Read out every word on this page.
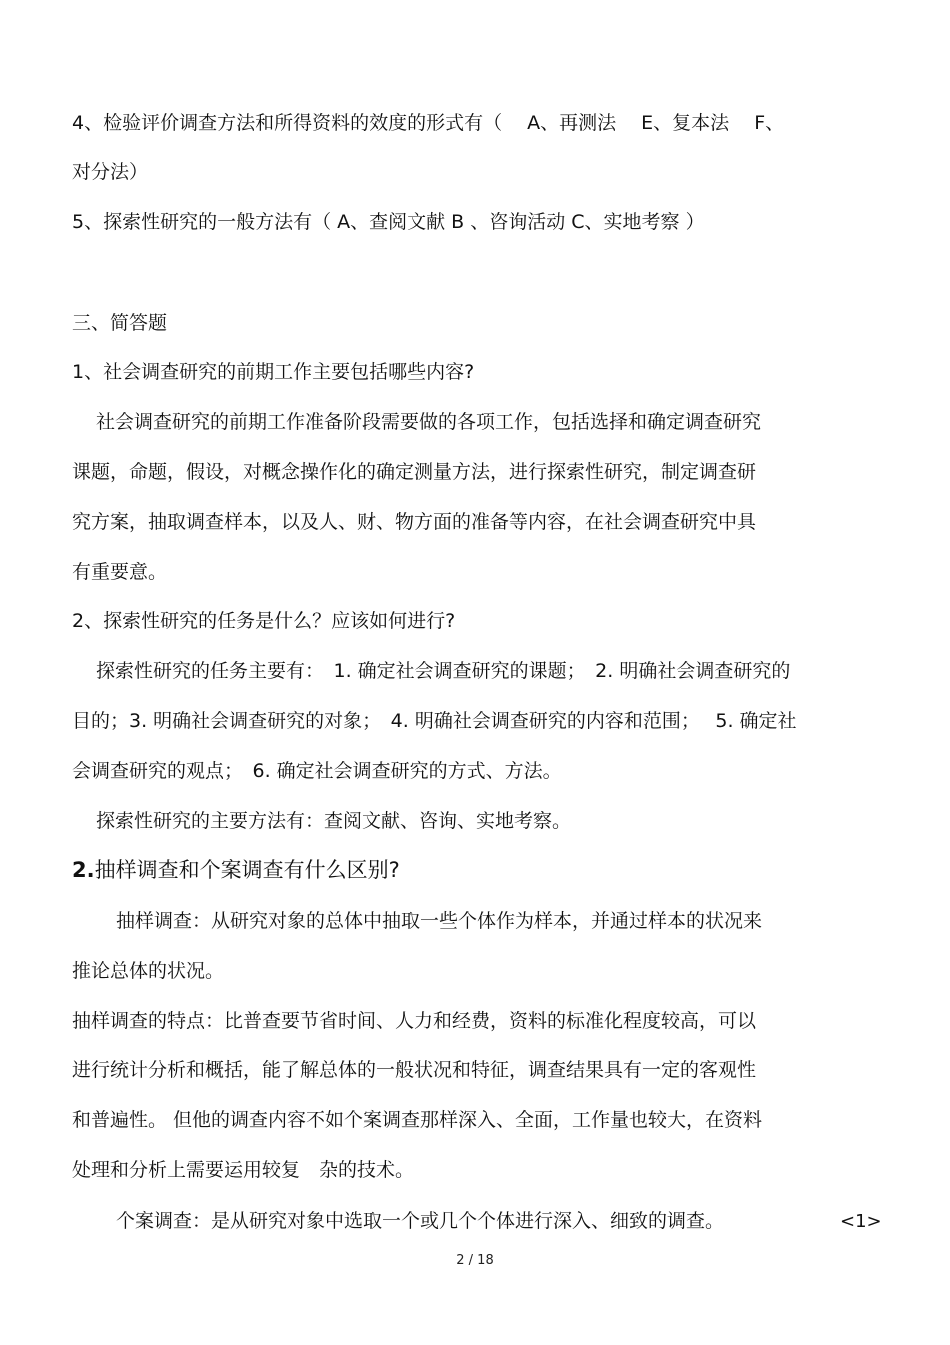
4、检验评价调查方法和所得资料的效度的形式有（　 A、再测法　 E、复本法　 F、

对分法）

5、探索性研究的一般方法有（ A、查阅文献 B 、咨询活动 C、实地考察 ）

三、简答题

1、社会调查研究的前期工作主要包括哪些内容?

社会调查研究的前期工作准备阶段需要做的各项工作，包括选择和确定调查研究

课题，命题，假设，对概念操作化的确定测量方法，进行探索性研究，制定调查研

究方案，抽取调查样本，以及人、财、物方面的准备等内容，在社会调查研究中具

有重要意。

2、探索性研究的任务是什么？应该如何进行?

探索性研究的任务主要有：　1. 确定社会调查研究的课题；　2. 明确社会调查研究的

目的；3. 明确社会调查研究的对象；　4. 明确社会调查研究的内容和范围；　 5. 确定社

会调查研究的观点；　6. 确定社会调查研究的方式、方法。

探索性研究的主要方法有：查阅文献、咨询、实地考察。

2.抽样调查和个案调查有什么区别?

抽样调查：从研究对象的总体中抽取一些个体作为样本，并通过样本的状况来

推论总体的状况。

抽样调查的特点：比普查要节省时间、人力和经费，资料的标准化程度较高，可以

进行统计分析和概括，能了解总体的一般状况和特征，调查结果具有一定的客观性

和普遍性。 但他的调查内容不如个案调查那样深入、全面，工作量也较大，在资料

处理和分析上需要运用较复　杂的技术。

个案调查：是从研究对象中选取一个或几个个体进行深入、细致的调查。	<1>
2 / 18
